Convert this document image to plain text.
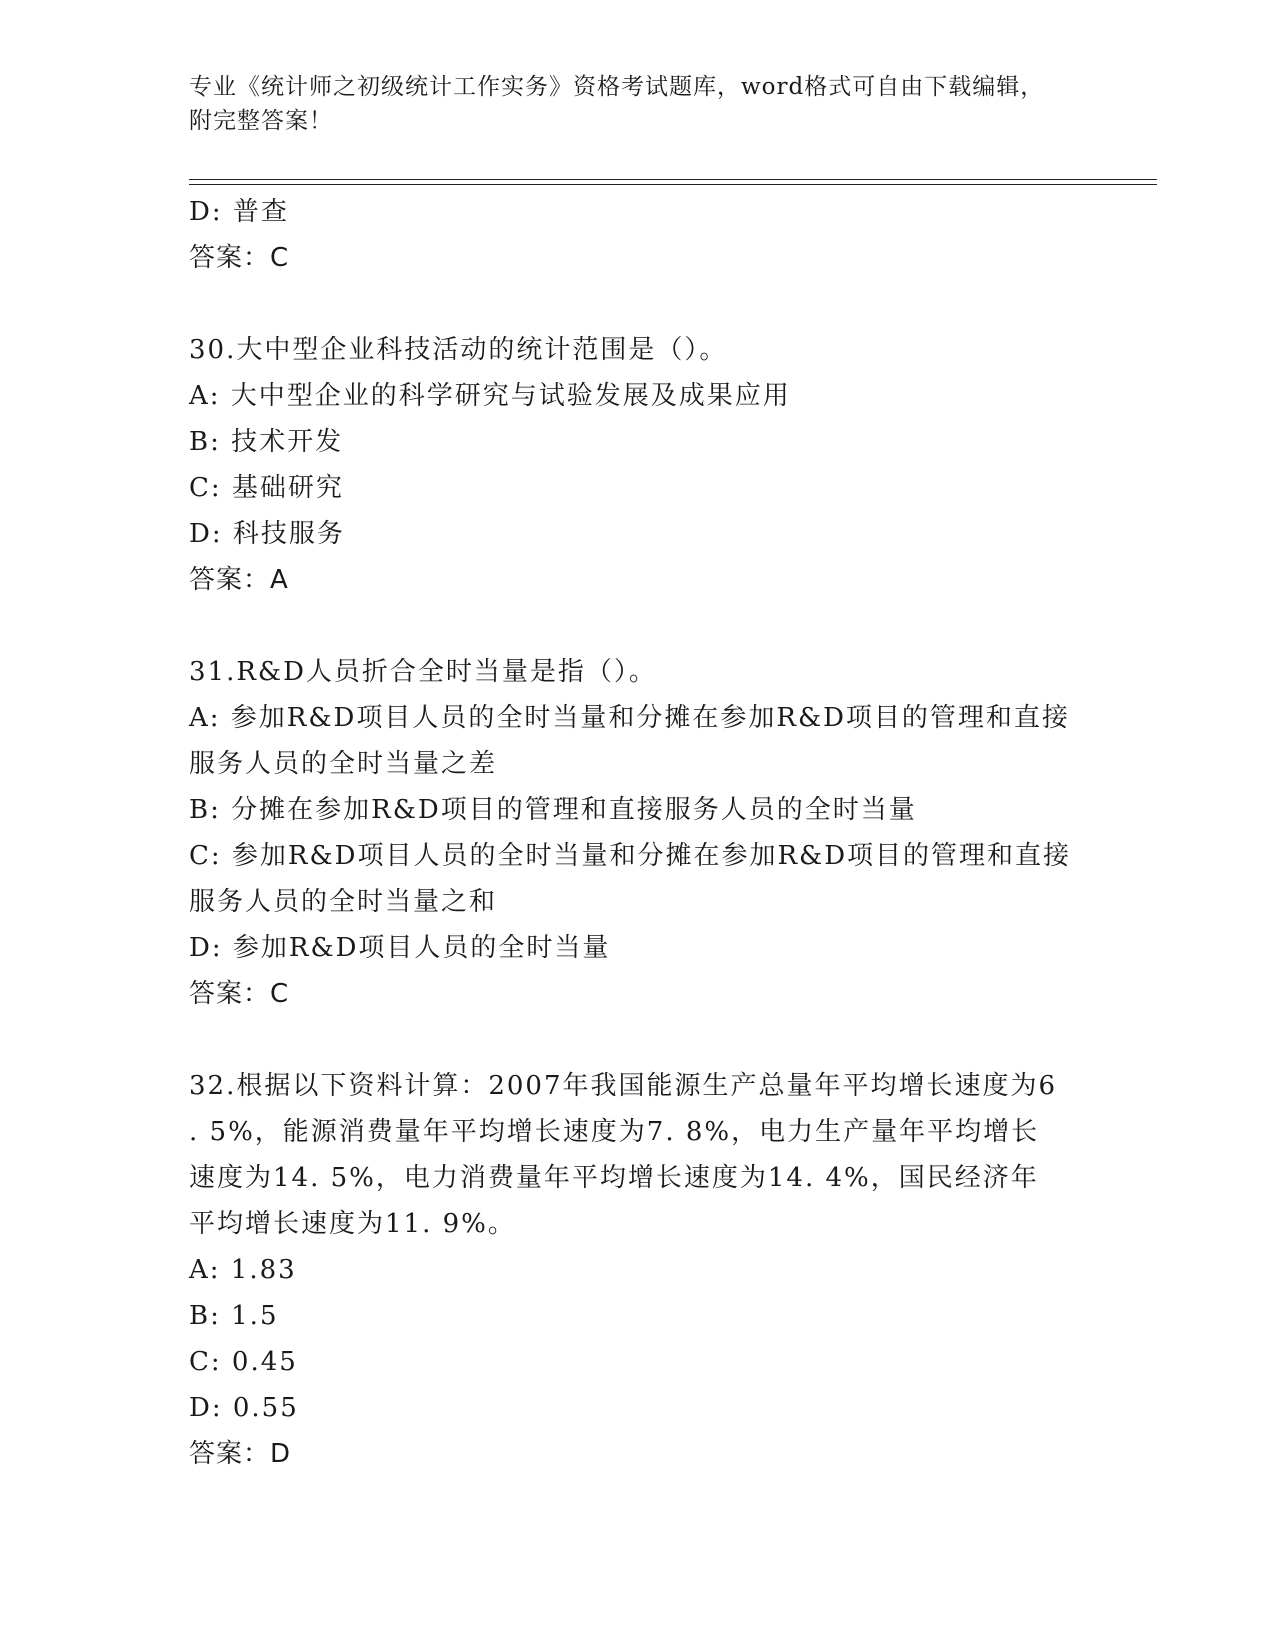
专业《统计师之初级统计工作实务》资格考试题库，word格式可自由下载编辑，
附完整答案！
D: 普查
答案：C
30.大中型企业科技活动的统计范围是（）。
A: 大中型企业的科学研究与试验发展及成果应用
B: 技术开发
C: 基础研究
D: 科技服务
答案：A
31.R&D人员折合全时当量是指（）。
A: 参加R&D项目人员的全时当量和分摊在参加R&D项目的管理和直接
服务人员的全时当量之差
B: 分摊在参加R&D项目的管理和直接服务人员的全时当量
C: 参加R&D项目人员的全时当量和分摊在参加R&D项目的管理和直接
服务人员的全时当量之和
D: 参加R&D项目人员的全时当量
答案：C
32.根据以下资料计算：2007年我国能源生产总量年平均增长速度为6
. 5%，能源消费量年平均增长速度为7. 8%，电力生产量年平均增长
速度为14. 5%，电力消费量年平均增长速度为14. 4%，国民经济年
平均增长速度为11. 9%。
A: 1.83
B: 1.5
C: 0.45
D: 0.55
答案：D
